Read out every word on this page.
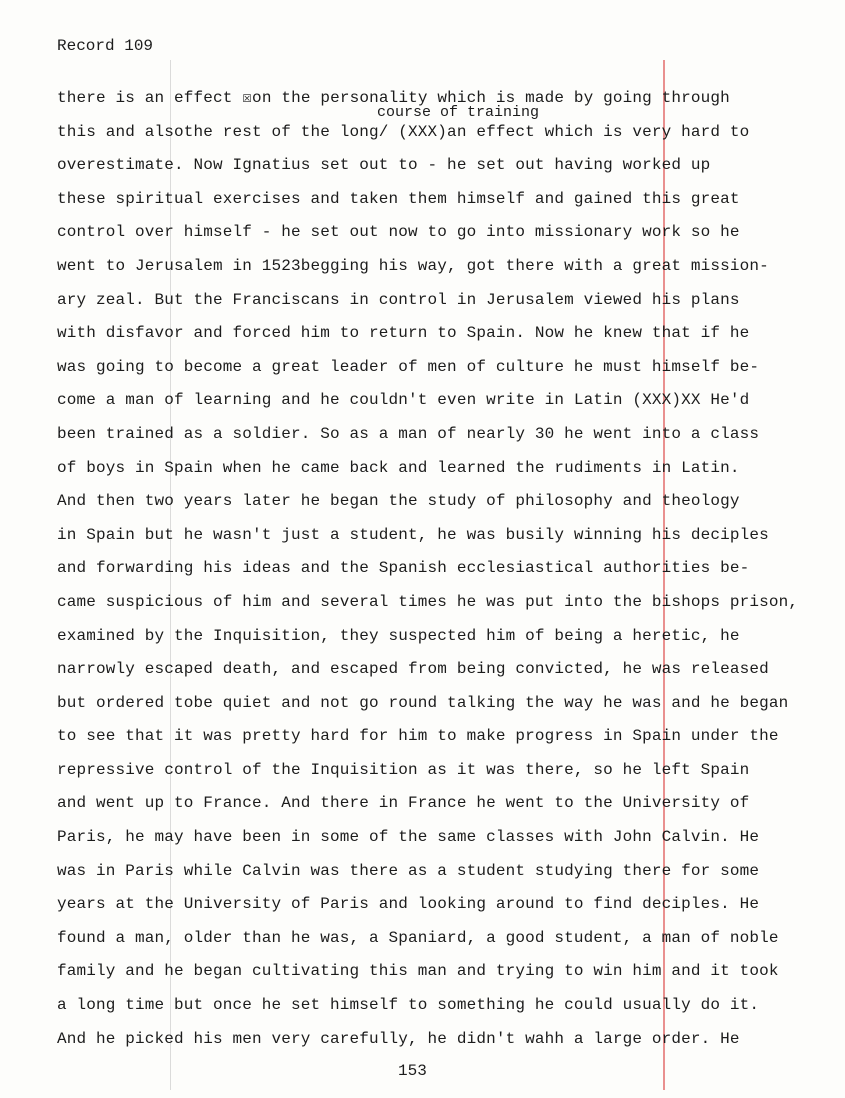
Record 109
course of training
there is an effect ☒on the personality which is made by going through
this and alsothe rest of the long/ (XXX)an effect which is very hard to
overestimate. Now Ignatius set out to - he set out having worked up
these spiritual exercises and taken them himself and gained this great
control over himself - he set out now to go into missionary work so he
went to Jerusalem in 1523begging his way, got there with a great mission-
ary zeal. But the Franciscans in control in Jerusalem viewed his plans
with disfavor and forced him to return to Spain. Now he knew that if he
was going to become a great leader of men of culture he must himself be-
come a man of learning and he couldn't even write in Latin (XXX)XX He'd
been trained as a soldier. So as a man of nearly 30 he went into a class
of boys in Spain when he came back and learned the rudiments in Latin.
And then two years later he began the study of philosophy and theology
in Spain but he wasn't just a student, he was busily winning his deciples
and forwarding his ideas and the Spanish ecclesiastical authorities be-
came suspicious of him and several times he was put into the bishops prison,
examined by the Inquisition, they suspected him of being a heretic, he
narrowly escaped death, and escaped from being convicted, he was released
but ordered tobe quiet and not go round talking the way he was and he began
to see that it was pretty hard for him to make progress in Spain under the
repressive control of the Inquisition as it was there, so he left Spain
and went up to France. And there in France he went to the University of
Paris, he may have been in some of the same classes with John Calvin. He
was in Paris while Calvin was there as a student studying there for some
years at the University of Paris and looking around to find deciples. He
found a man, older than he was, a Spaniard, a good student, a man of noble
family and he began cultivating this man and trying to win him and it took
a long time but once he set himself to something he could usually do it.
And he picked his men very carefully, he didn't wahh a large order. He
153
